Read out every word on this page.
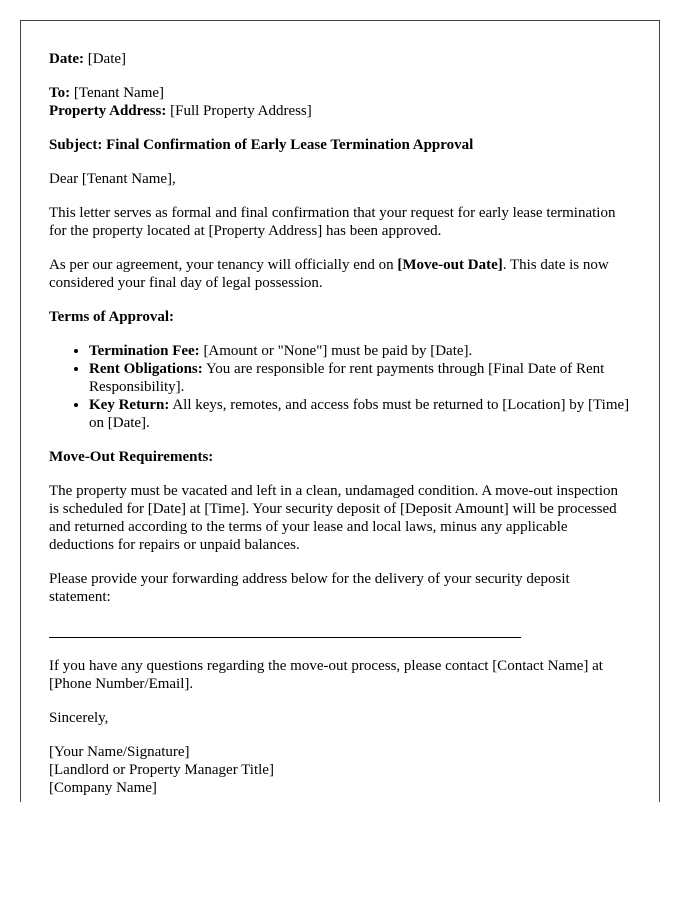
Date: [Date]

To: [Tenant Name]
Property Address: [Full Property Address]

Subject: Final Confirmation of Early Lease Termination Approval

Dear [Tenant Name],

This letter serves as formal and final confirmation that your request for early lease termination for the property located at [Property Address] has been approved.

As per our agreement, your tenancy will officially end on [Move-out Date]. This date is now considered your final day of legal possession.

Terms of Approval:

• Termination Fee: [Amount or "None"] must be paid by [Date].
• Rent Obligations: You are responsible for rent payments through [Final Date of Rent Responsibility].
• Key Return: All keys, remotes, and access fobs must be returned to [Location] by [Time] on [Date].

Move-Out Requirements:

The property must be vacated and left in a clean, undamaged condition. A move-out inspection is scheduled for [Date] at [Time]. Your security deposit of [Deposit Amount] will be processed and returned according to the terms of your lease and local laws, minus any applicable deductions for repairs or unpaid balances.

Please provide your forwarding address below for the delivery of your security deposit statement:

If you have any questions regarding the move-out process, please contact [Contact Name] at [Phone Number/Email].

Sincerely,

[Your Name/Signature]
[Landlord or Property Manager Title]
[Company Name]
